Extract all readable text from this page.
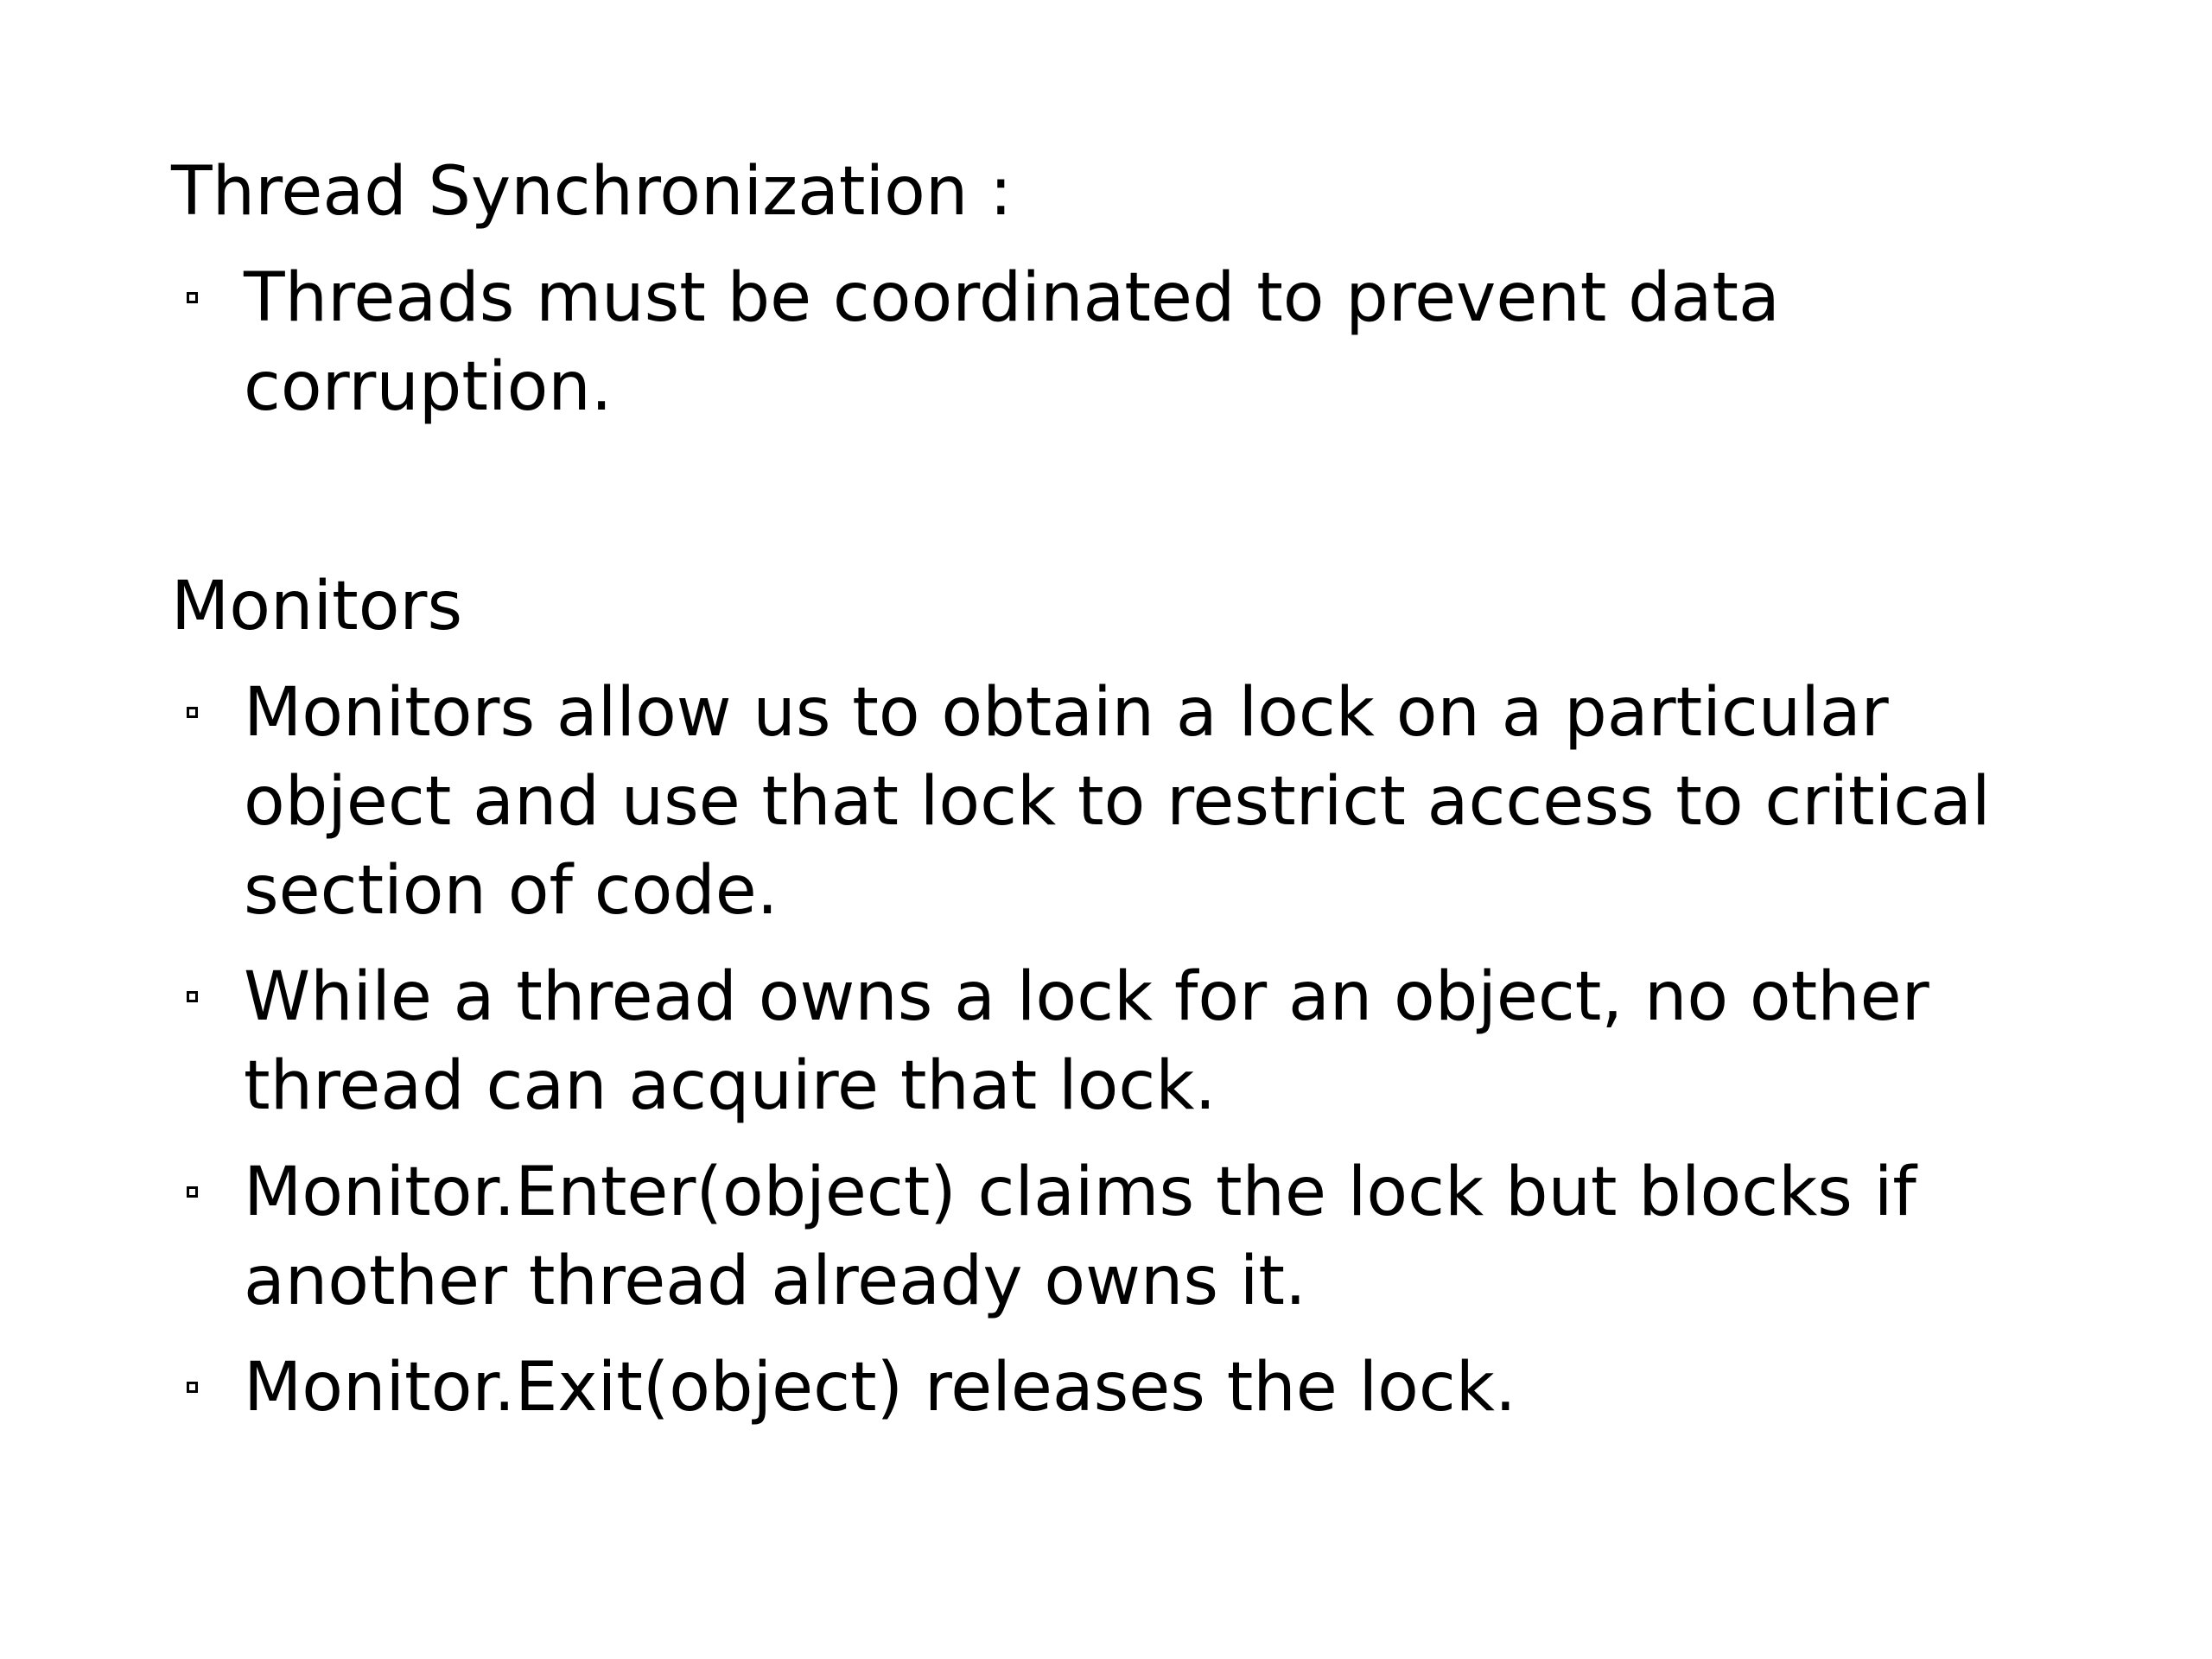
Thread Synchronization :
Threads must be coordinated to prevent data corruption.
Monitors
Monitors allow us to obtain a lock on a particular object and use that lock to restrict access to critical section of code.
While a thread owns a lock for an object, no other thread can acquire that lock.
Monitor.Enter(object) claims the lock but blocks if another thread already owns it.
Monitor.Exit(object) releases the lock.
